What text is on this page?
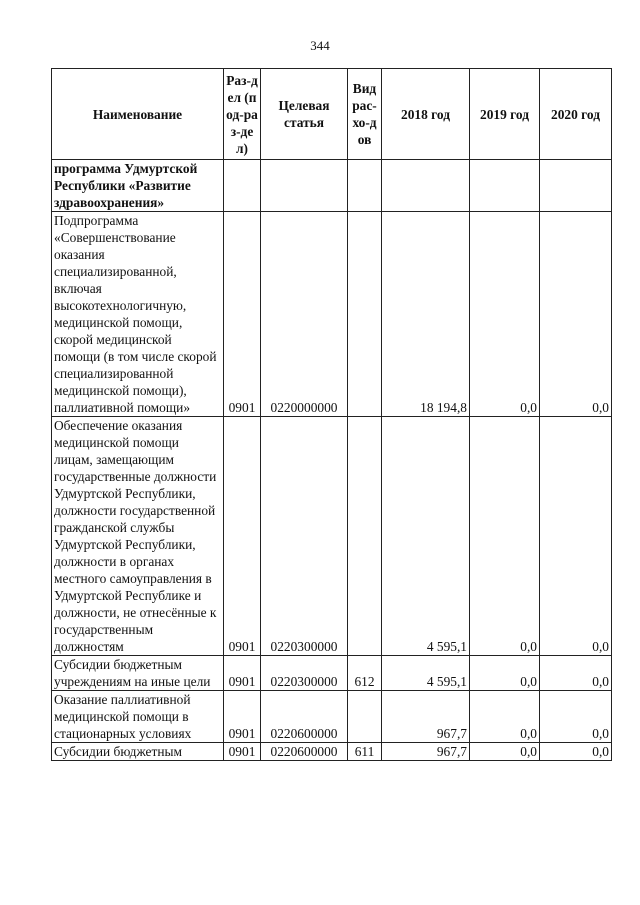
344
Наименование	Раз-дел (под-раз-дел)	Целевая статья	Вид рас-хо-дов	2018 год	2019 год	2020 год
программа Удмуртской Республики «Развитие здравоохранения»						
Подпрограмма «Совершенствование оказания специализированной, включая высокотехнологичную, медицинской помощи, скорой медицинской помощи (в том числе скорой специализированной медицинской помощи), паллиативной помощи»	0901	0220000000		18 194,8	0,0	0,0
Обеспечение оказания медицинской помощи лицам, замещающим государственные должности Удмуртской Республики, должности государственной гражданской службы Удмуртской Республики, должности в органах местного самоуправления в Удмуртской Республике и должности, не отнесённые к государственным должностям	0901	0220300000		4 595,1	0,0	0,0
Субсидии бюджетным учреждениям на иные цели	0901	0220300000	612	4 595,1	0,0	0,0
Оказание паллиативной медицинской помощи в стационарных условиях	0901	0220600000		967,7	0,0	0,0
Субсидии бюджетным	0901	0220600000	611	967,7	0,0	0,0
